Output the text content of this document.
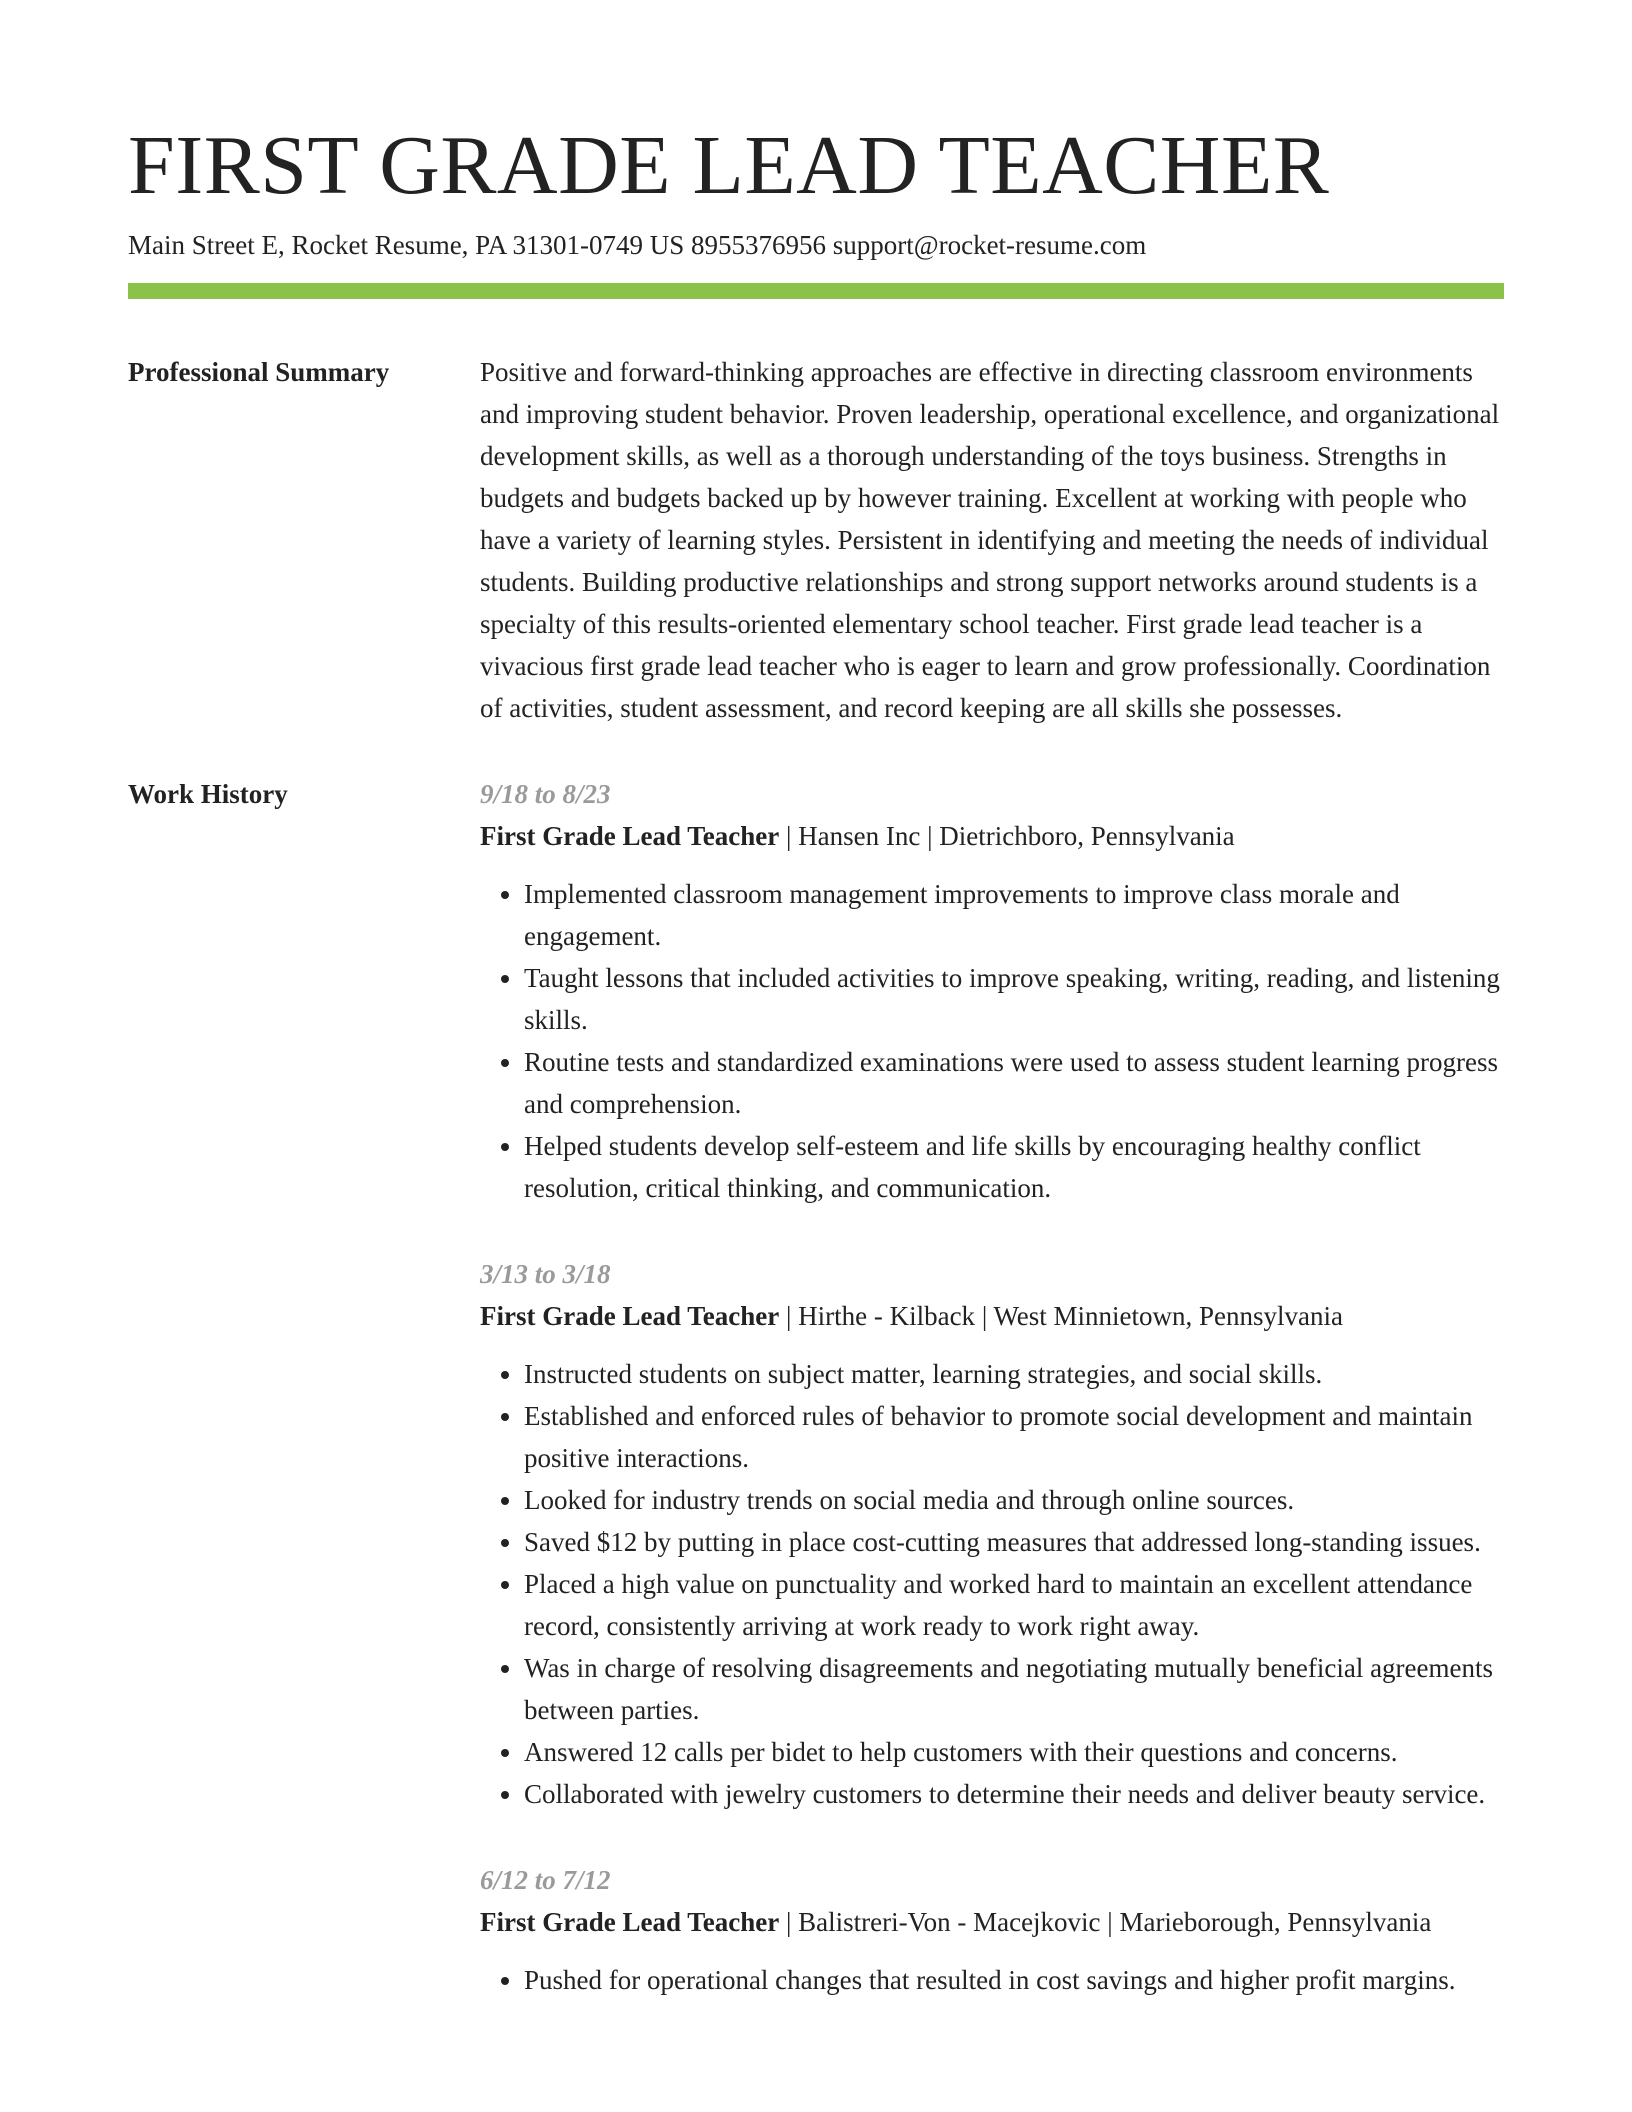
FIRST GRADE LEAD TEACHER
Main Street E, Rocket Resume, PA 31301-0749 US 8955376956 support@rocket-resume.com
Professional Summary	Positive and forward-thinking approaches are effective in directing classroom environments and improving student behavior. Proven leadership, operational excellence, and organizational development skills, as well as a thorough understanding of the toys business. Strengths in budgets and budgets backed up by however training. Excellent at working with people who have a variety of learning styles. Persistent in identifying and meeting the needs of individual students. Building productive relationships and strong support networks around students is a specialty of this results-oriented elementary school teacher. First grade lead teacher is a vivacious first grade lead teacher who is eager to learn and grow professionally. Coordination of activities, student assessment, and record keeping are all skills she possesses.

Work History	9/18 to 8/23
First Grade Lead Teacher | Hansen Inc | Dietrichboro, Pennsylvania
• Implemented classroom management improvements to improve class morale and engagement.
• Taught lessons that included activities to improve speaking, writing, reading, and listening skills.
• Routine tests and standardized examinations were used to assess student learning progress and comprehension.
• Helped students develop self-esteem and life skills by encouraging healthy conflict resolution, critical thinking, and communication.
3/13 to 3/18
First Grade Lead Teacher | Hirthe - Kilback | West Minnietown, Pennsylvania
• Instructed students on subject matter, learning strategies, and social skills.
• Established and enforced rules of behavior to promote social development and maintain positive interactions.
• Looked for industry trends on social media and through online sources.
• Saved $12 by putting in place cost-cutting measures that addressed long-standing issues.
• Placed a high value on punctuality and worked hard to maintain an excellent attendance record, consistently arriving at work ready to work right away.
• Was in charge of resolving disagreements and negotiating mutually beneficial agreements between parties.
• Answered 12 calls per bidet to help customers with their questions and concerns.
• Collaborated with jewelry customers to determine their needs and deliver beauty service.
6/12 to 7/12
First Grade Lead Teacher | Balistreri-Von - Macejkovic | Marieborough, Pennsylvania
• Pushed for operational changes that resulted in cost savings and higher profit margins.
